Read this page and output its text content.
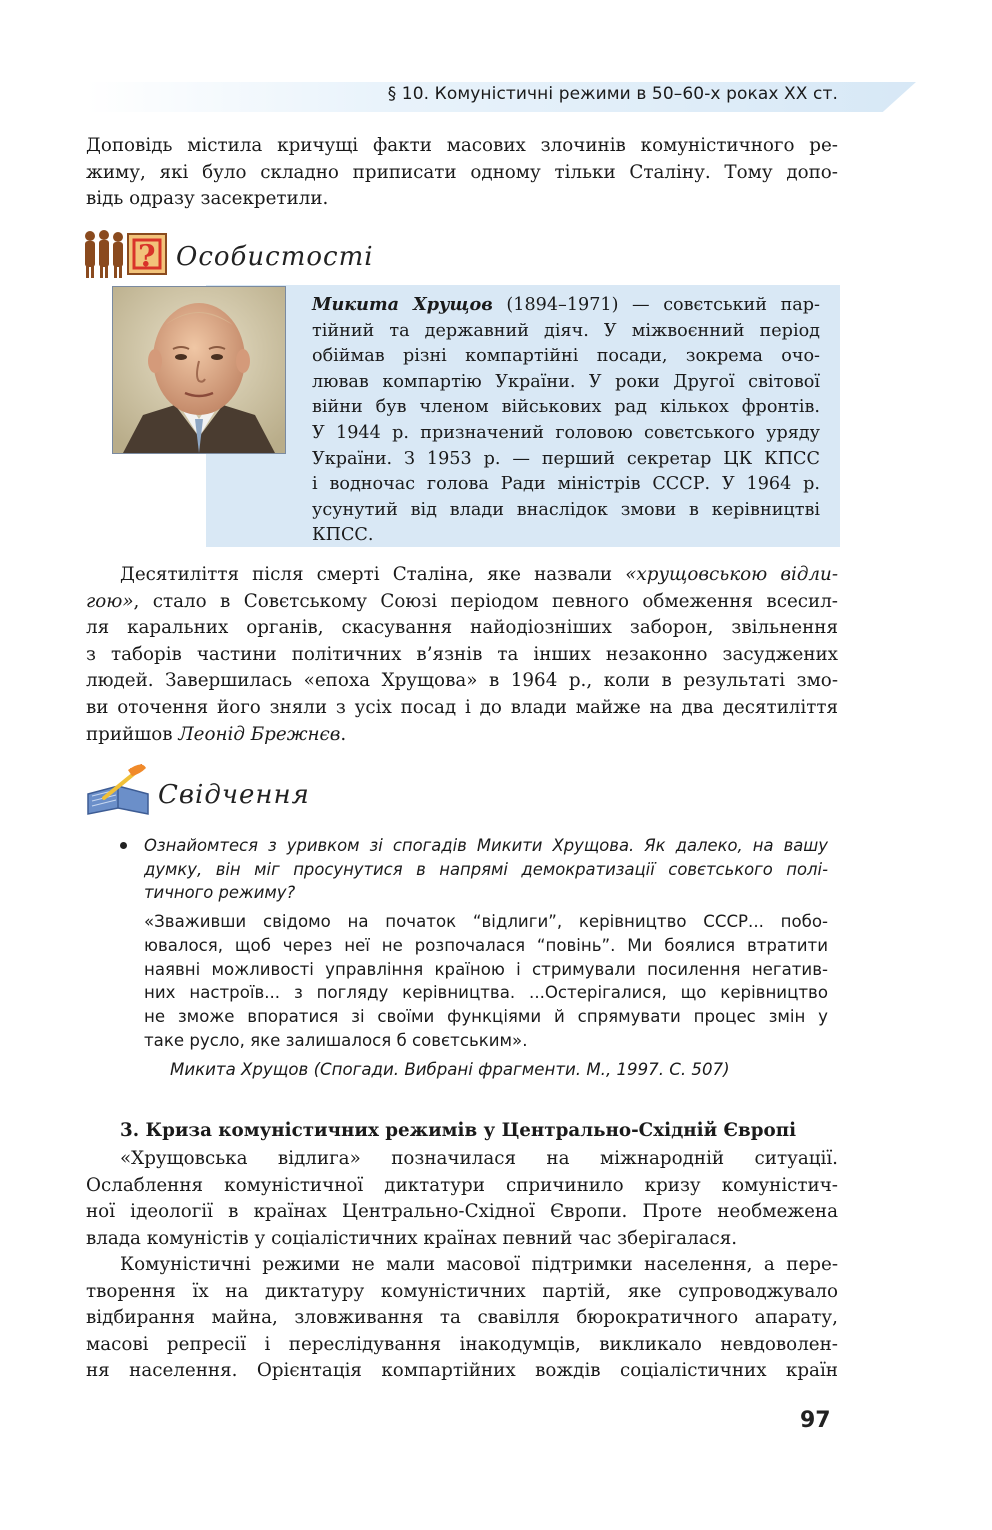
§ 10. Комуністичні режими в 50–60-х роках XX ст.
Доповідь містила кричущі факти масових злочинів комуністичного ре-
жиму, які було складно приписати одному тільки Сталіну. Тому допо-
відь одразу засекретили.
? Особистості
Микита Хрущов (1894–1971) — совєтський пар-
тійний та державний діяч. У міжвоєнний період
обіймав різні компартійні посади, зокрема очо-
лював компартію України. У роки Другої світової
війни був членом військових рад кількох фронтів.
У 1944 р. призначений головою совєтського уряду
України. З 1953 р. — перший секретар ЦК КПСС
і водночас голова Ради міністрів СССР. У 1964 р.
усунутий від влади внаслідок змови в керівництві
КПСС.
Десятиліття після смерті Сталіна, яке назвали «хрущовською відли-
гою», стало в Совєтському Союзі періодом певного обмеження всесил-
ля каральних органів, скасування найодіозніших заборон, звільнення
з таборів частини політичних в’язнів та інших незаконно засуджених
людей. Завершилась «епоха Хрущова» в 1964 р., коли в результаті змо-
ви оточення його зняли з усіх посад і до влади майже на два десятиліття
прийшов Леонід Брежнєв.
Свідчення
Ознайомтеся з уривком зі спогадів Микити Хрущова. Як далеко, на вашу
думку, він міг просунутися в напрямі демократизації совєтського полі-
тичного режиму?
«Зваживши свідомо на початок “відлиги”, керівництво СССР... побо-
ювалося, щоб через неї не розпочалася “повінь”. Ми боялися втратити
наявні можливості управління країною і стримували посилення негатив-
них настроїв... з погляду керівництва. ...Остерігалися, що керівництво
не зможе впоратися зі своїми функціями й спрямувати процес змін у
таке русло, яке залишалося б совєтським».
Микита Хрущов (Спогади. Вибрані фрагменти. М., 1997. С. 507)
3. Криза комуністичних режимів у Центрально-Східній Європі
«Хрущовська відлига» позначилася на міжнародній ситуації.
Ослаблення комуністичної диктатури спричинило кризу комуністич-
ної ідеології в країнах Центрально-Східної Європи. Проте необмежена
влада комуністів у соціалістичних країнах певний час зберігалася.
Комуністичні режими не мали масової підтримки населення, а пере-
творення їх на диктатуру комуністичних партій, яке супроводжувало
відбирання майна, зловживання та свавілля бюрократичного апарату,
масові репресії і переслідування інакодумців, викликало невдоволен-
ня населення. Орієнтація компартійних вождів соціалістичних країн
97
